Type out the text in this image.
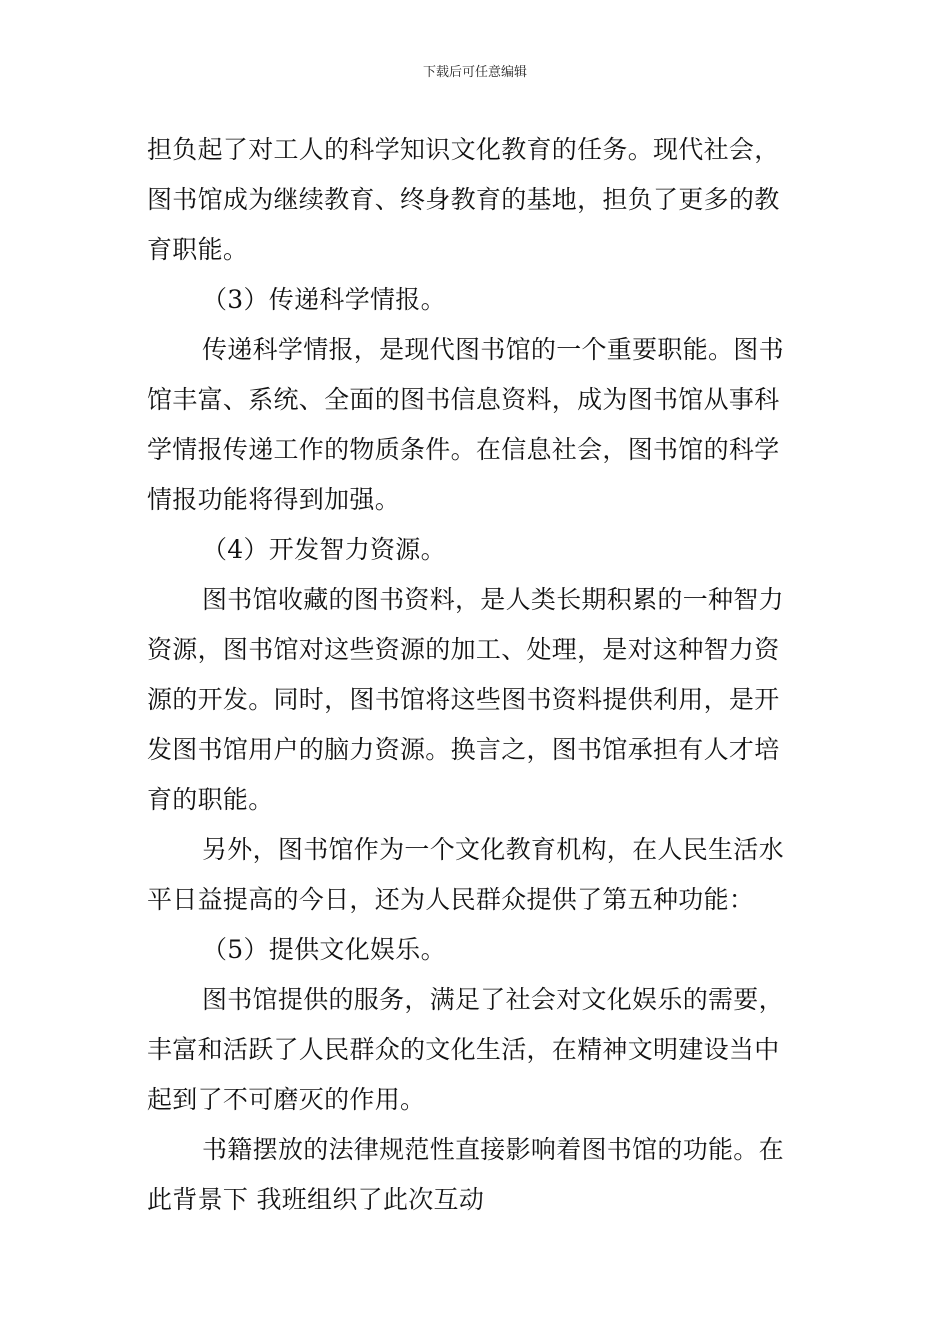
下载后可任意编辑

担负起了对工人的科学知识文化教育的任务。现代社会，
图书馆成为继续教育、终身教育的基地，担负了更多的教
育职能。

（3）传递科学情报。

传递科学情报，是现代图书馆的一个重要职能。图书
馆丰富、系统、全面的图书信息资料，成为图书馆从事科
学情报传递工作的物质条件。在信息社会，图书馆的科学
情报功能将得到加强。

（4）开发智力资源。

图书馆收藏的图书资料，是人类长期积累的一种智力
资源，图书馆对这些资源的加工、处理，是对这种智力资
源的开发。同时，图书馆将这些图书资料提供利用，是开
发图书馆用户的脑力资源。换言之，图书馆承担有人才培
育的职能。

另外，图书馆作为一个文化教育机构，在人民生活水
平日益提高的今日，还为人民群众提供了第五种功能：

（5）提供文化娱乐。

图书馆提供的服务，满足了社会对文化娱乐的需要，
丰富和活跃了人民群众的文化生活，在精神文明建设当中
起到了不可磨灭的作用。

书籍摆放的法律规范性直接影响着图书馆的功能。在
此背景下 我班组织了此次互动
